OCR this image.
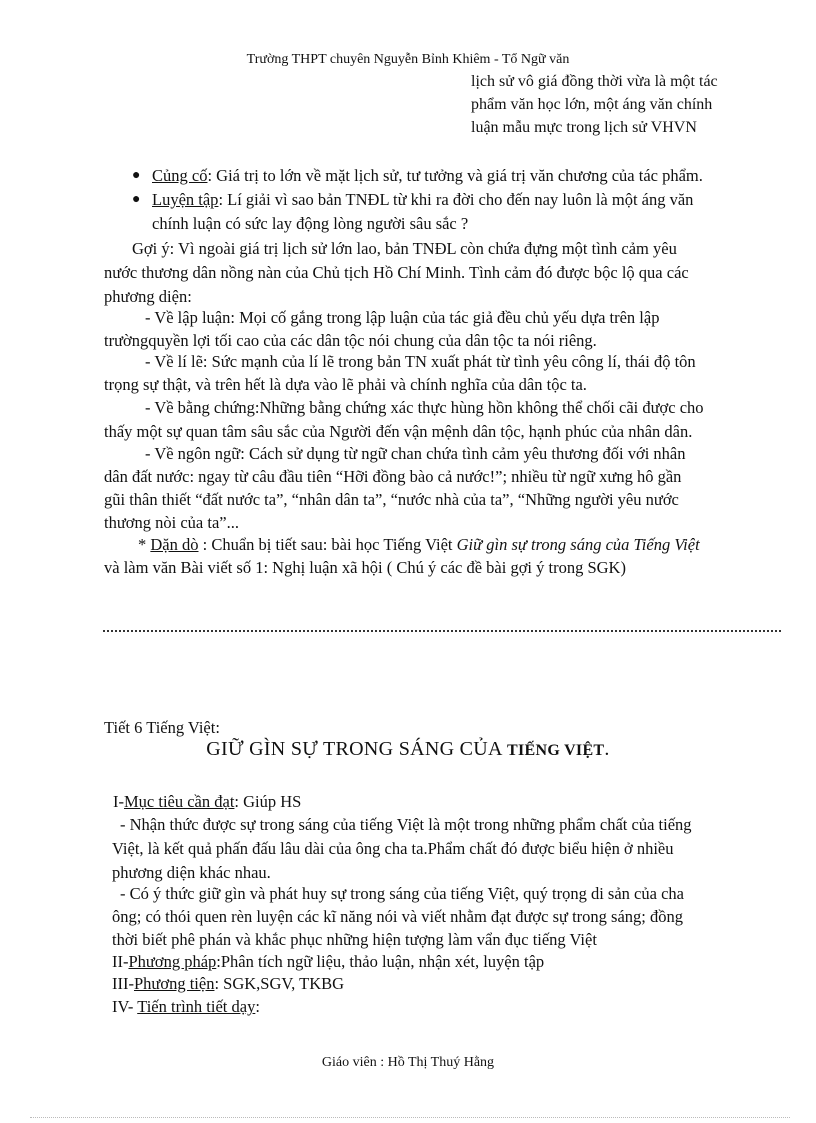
Trường THPT chuyên Nguyễn Bỉnh Khiêm - Tổ Ngữ văn
lịch sử vô giá đồng thời vừa là một tác
phẩm văn học lớn, một áng văn chính
luận mẫu mực trong lịch sử VHVN
● Củng cố: Giá trị to lớn về mặt lịch sử, tư tưởng và giá trị văn chương của tác phẩm.
● Luyện tập: Lí giải vì sao bản TNĐL từ khi ra đời cho đến nay luôn là một áng văn
chính luận có sức lay động lòng người sâu sắc ?
Gợi ý: Vì ngoài giá trị lịch sử lớn lao, bản TNĐL còn chứa đựng một tình cảm yêu
nước thương dân nồng nàn của Chủ tịch Hồ Chí Minh. Tình cảm đó được bộc lộ qua các
phương diện:
- Về lập luận: Mọi cố gắng trong lập luận của tác giả đều chủ yếu dựa trên lập
trườngquyền lợi tối cao của các dân tộc nói chung của dân tộc ta nói riêng.
- Về lí lẽ: Sức mạnh của lí lẽ trong bản TN xuất phát từ tình yêu công lí, thái độ tôn
trọng sự thật, và trên hết là dựa vào lẽ phải và chính nghĩa của dân tộc ta.
- Về bằng chứng:Những bằng chứng xác thực hùng hồn không thể chối cãi được cho
thấy một sự quan tâm sâu sắc của Người đến vận mệnh dân tộc, hạnh phúc của nhân dân.
- Về ngôn ngữ: Cách sử dụng từ ngữ chan chứa tình cảm yêu thương đối với nhân
dân đất nước: ngay từ câu đầu tiên “Hỡi đồng bào cả nước!”; nhiều từ ngữ xưng hô gần
gũi thân thiết “đất nước ta”, “nhân dân ta”, “nước nhà của ta”, “Những người yêu nước
thương nòi của ta”...
* Dặn dò : Chuẩn bị tiết sau: bài học Tiếng Việt Giữ gìn sự trong sáng của Tiếng Việt
và làm văn Bài viết số 1: Nghị luận xã hội ( Chú ý các đề bài gợi ý trong SGK)
Tiết 6 Tiếng Việt:
GIỮ GÌN SỰ TRONG SÁNG CỦA TIẾNG VIỆT.
I-Mục tiêu cần đạt: Giúp HS
- Nhận thức được sự trong sáng của tiếng Việt là một trong những phẩm chất của tiếng
Việt, là kết quả phấn đấu lâu dài của ông cha ta.Phẩm chất đó được biểu hiện ở nhiều
phương diện khác nhau.
- Có ý thức giữ gìn và phát huy sự trong sáng của tiếng Việt, quý trọng di sản của cha
ông; có thói quen rèn luyện các kĩ năng nói và viết nhằm đạt được sự trong sáng; đồng
thời biết phê phán và khắc phục những hiện tượng làm vẩn đục tiếng Việt
II-Phương pháp:Phân tích ngữ liệu, thảo luận, nhận xét, luyện tập
III-Phương tiện: SGK,SGV, TKBG
IV- Tiến trình tiết dạy:
Giáo viên : Hồ Thị Thuý Hằng
